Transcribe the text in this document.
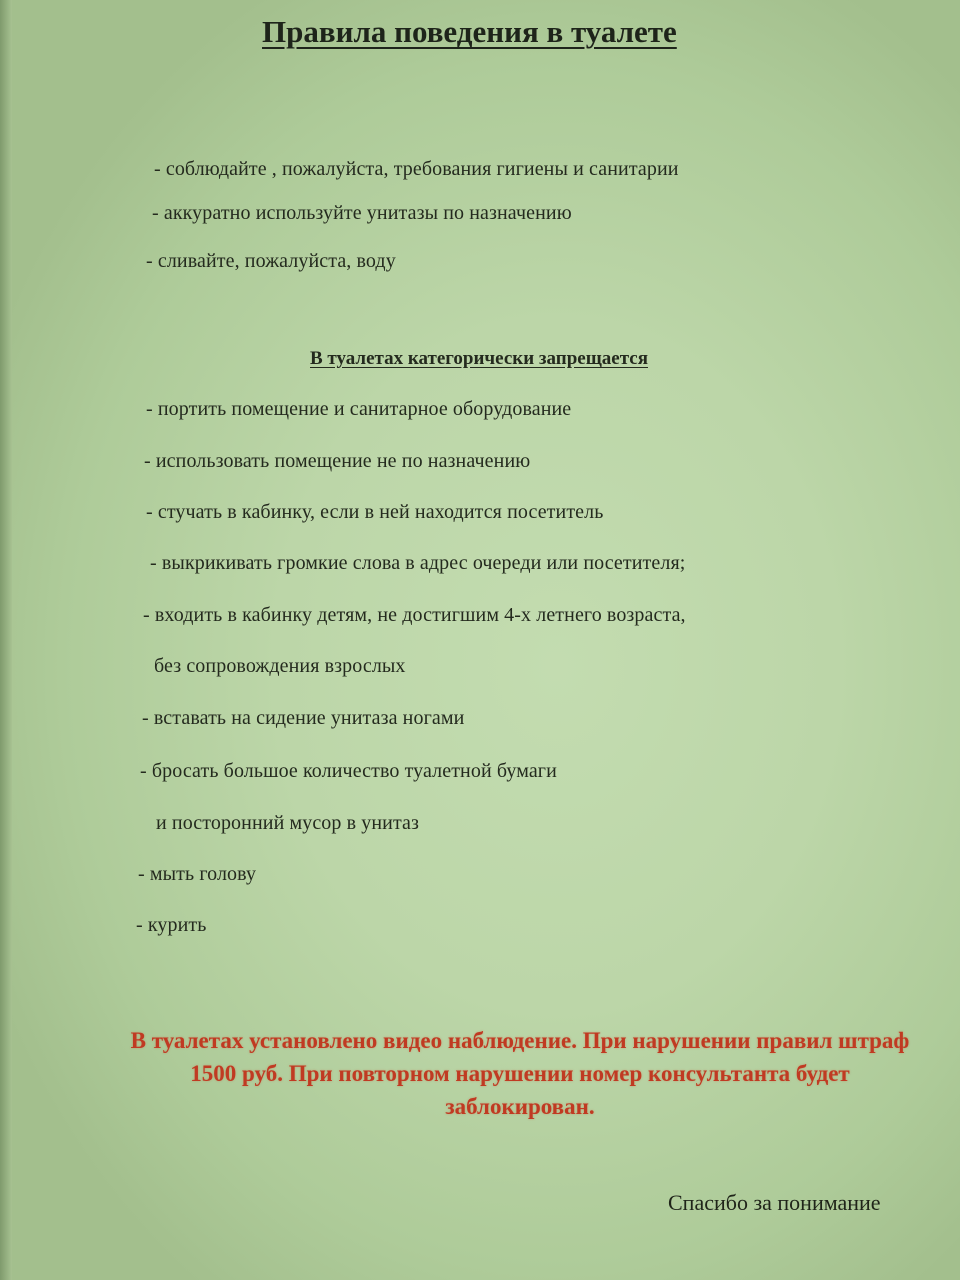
Правила поведения в туалете
- соблюдайте , пожалуйста, требования гигиены и санитарии
- аккуратно используйте унитазы по назначению
- сливайте, пожалуйста, воду
В туалетах категорически запрещается
- портить помещение и санитарное оборудование
- использовать помещение не по назначению
- стучать в кабинку, если в ней находится посетитель
- выкрикивать громкие слова в адрес очереди или посетителя;
- входить в кабинку детям, не достигшим 4-х летнего возраста,
без сопровождения взрослых
- вставать на сидение унитаза ногами
- бросать большое количество туалетной бумаги
и посторонний мусор в унитаз
- мыть голову
- курить
В туалетах установлено видео наблюдение. При нарушении правил штраф 1500 руб. При повторном нарушении номер консультанта будет заблокирован.
Спасибо за понимание
